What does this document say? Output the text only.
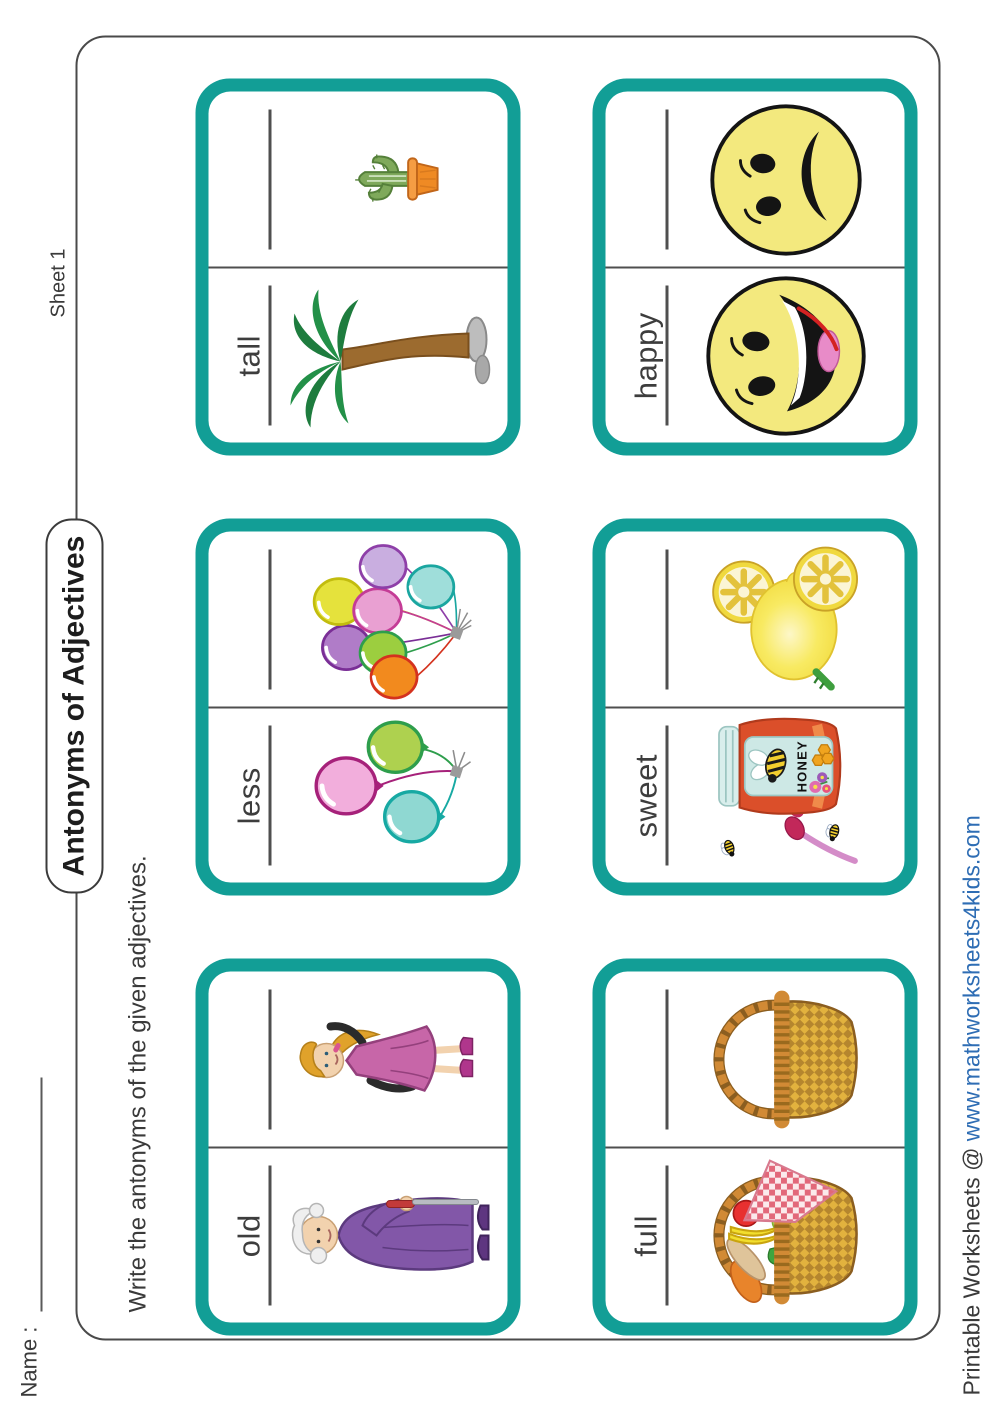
Name :
Sheet 1
Antonyms of Adjectives
Write the antonyms of the given adjectives.	old
less
tall
full
sweet	HONEY
happy
Printable Worksheets @ www.mathworksheets4kids.com
